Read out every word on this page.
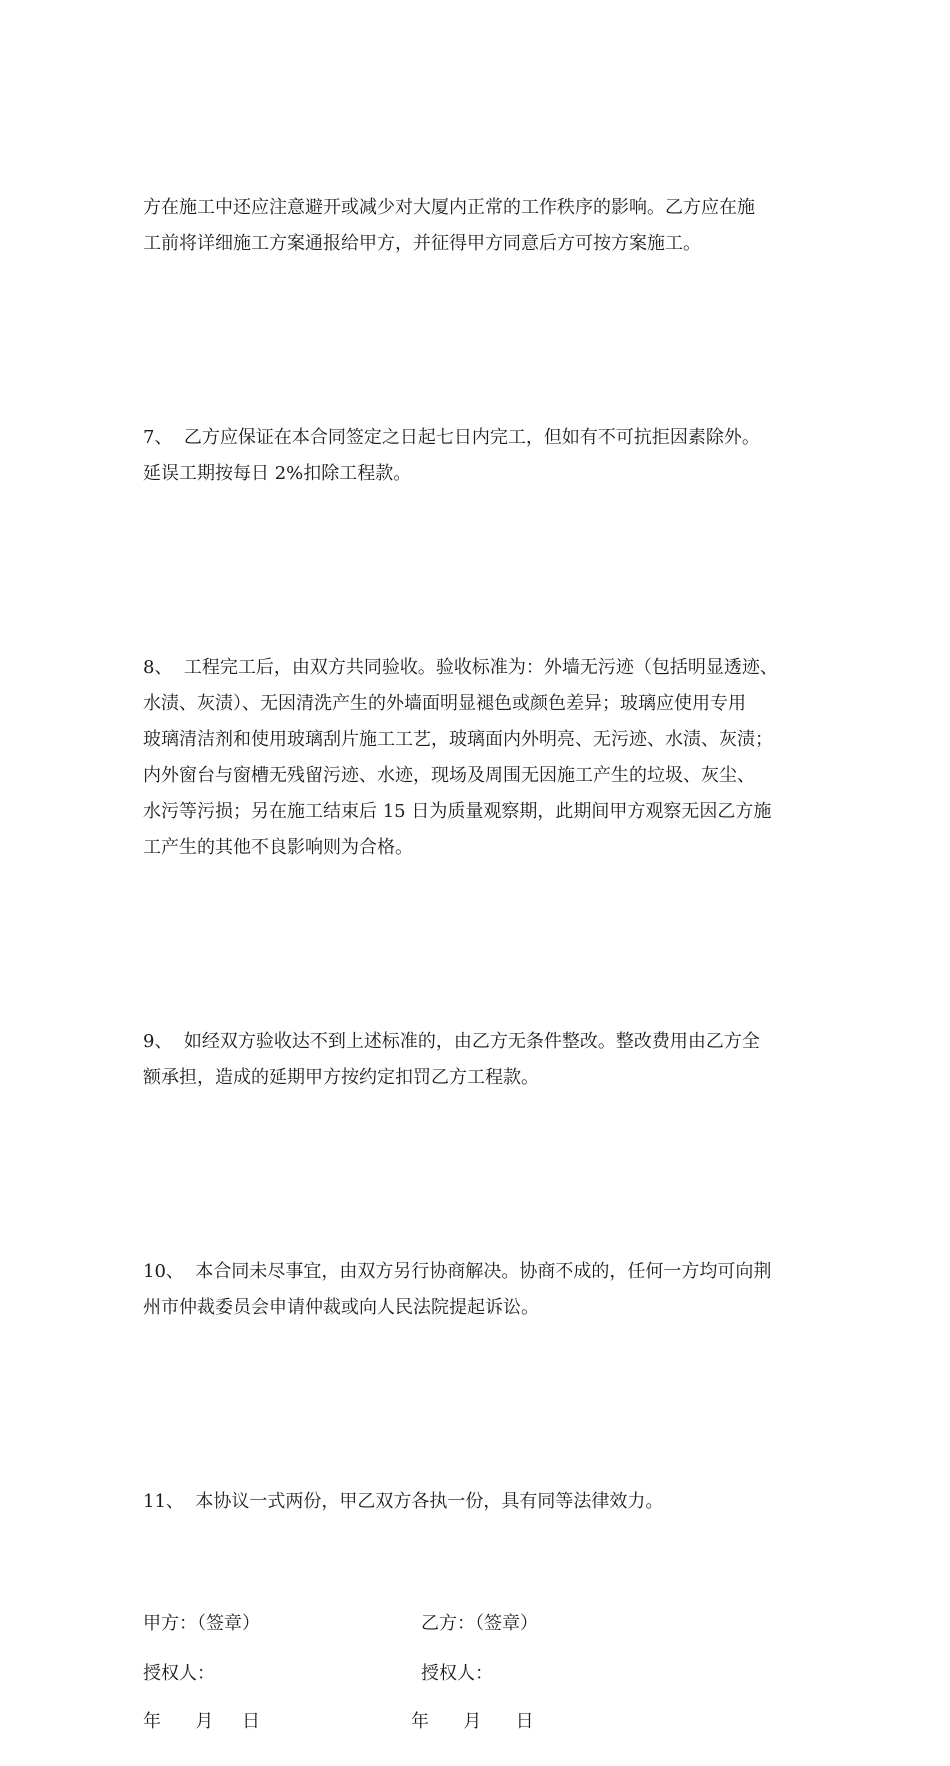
方在施工中还应注意避开或减少对大厦内正常的工作秩序的影响。乙方应在施
工前将详细施工方案通报给甲方，并征得甲方同意后方可按方案施工。

7、  乙方应保证在本合同签定之日起七日内完工，但如有不可抗拒因素除外。
延误工期按每日 2%扣除工程款。

8、  工程完工后，由双方共同验收。验收标准为：外墙无污迹（包括明显透迹、
水渍、灰渍）、无因清洗产生的外墙面明显褪色或颜色差异；玻璃应使用专用
玻璃清洁剂和使用玻璃刮片施工工艺，玻璃面内外明亮、无污迹、水渍、灰渍；
内外窗台与窗槽无残留污迹、水迹，现场及周围无因施工产生的垃圾、灰尘、
水污等污损；另在施工结束后 15 日为质量观察期，此期间甲方观察无因乙方施
工产生的其他不良影响则为合格。

9、  如经双方验收达不到上述标准的，由乙方无条件整改。整改费用由乙方全
额承担，造成的延期甲方按约定扣罚乙方工程款。

10、  本合同未尽事宜，由双方另行协商解决。协商不成的，任何一方均可向荆
州市仲裁委员会申请仲裁或向人民法院提起诉讼。

11、  本协议一式两份，甲乙双方各执一份，具有同等法律效力。

甲方：（签章）	乙方：（签章）
授权人：	授权人：
年      月     日	年      月      日
